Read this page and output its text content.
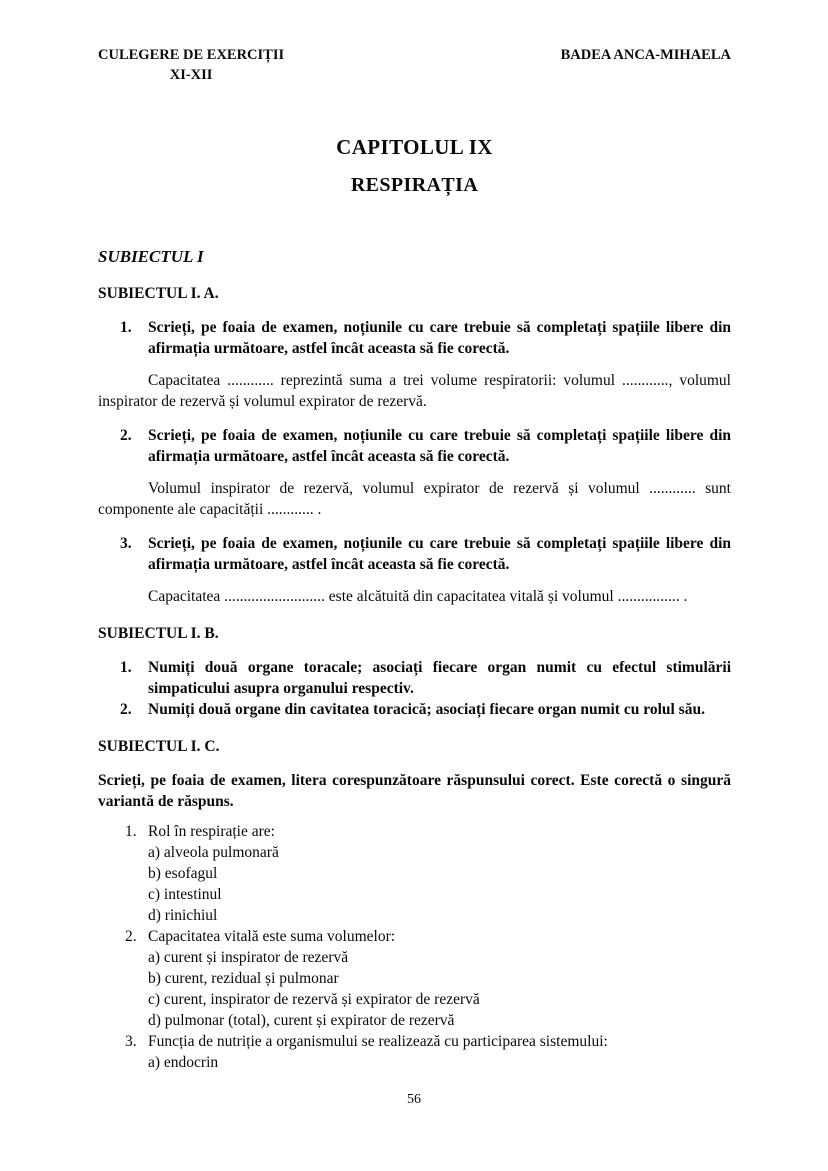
CULEGERE DE EXERCIȚII
XI-XII
BADEA ANCA-MIHAELA
CAPITOLUL IX
RESPIRAȚIA
SUBIECTUL I
SUBIECTUL I. A.
1.	Scrieți, pe foaia de examen, noțiunile cu care trebuie să completați spațiile libere din afirmația următoare, astfel încât aceasta să fie corectă.

Capacitatea ............ reprezintă suma a trei volume respiratorii: volumul ............, volumul inspirator de rezervă și volumul expirator de rezervă.

2.	Scrieți, pe foaia de examen, noțiunile cu care trebuie să completați spațiile libere din afirmația următoare, astfel încât aceasta să fie corectă.

Volumul inspirator de rezervă, volumul expirator de rezervă și volumul ............ sunt componente ale capacității ............ .

3.	Scrieți, pe foaia de examen, noțiunile cu care trebuie să completați spațiile libere din afirmația următoare, astfel încât aceasta să fie corectă.

Capacitatea .......................... este alcătuită din capacitatea vitală și volumul ................ .

SUBIECTUL I. B.
1.	Numiți două organe toracale; asociați fiecare organ numit cu efectul stimulării simpaticului asupra organului respectiv.

2.	Numiți două organe din cavitatea toracică; asociați fiecare organ numit cu rolul său.

SUBIECTUL I. C.

Scrieți, pe foaia de examen, litera corespunzătoare răspunsului corect. Este corectă o singură variantă de răspuns.

1. Rol în respirație are:

a) alveola pulmonară

b) esofagul

c) intestinul

d) rinichiul

2. Capacitatea vitală este suma volumelor:

a) curent și inspirator de rezervă

b) curent, rezidual și pulmonar

c) curent, inspirator de rezervă și expirator de rezervă

d) pulmonar (total), curent și expirator de rezervă

3. Funcția de nutriție a organismului se realizează cu participarea sistemului:

a) endocrin

56
